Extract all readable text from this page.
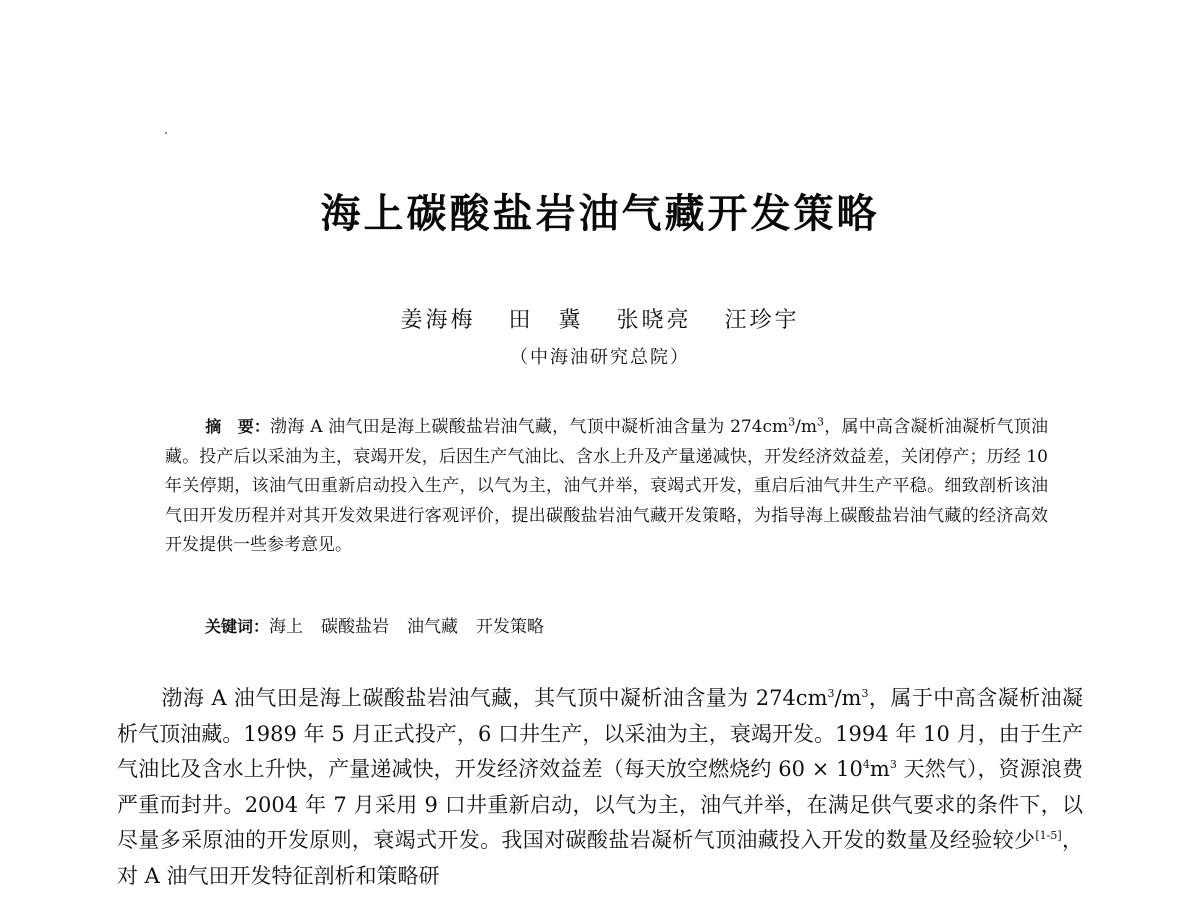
海上碳酸盐岩油气藏开发策略
姜海梅 田　冀 张晓亮 汪珍宇
（中海油研究总院）
摘　要：渤海 A 油气田是海上碳酸盐岩油气藏，气顶中凝析油含量为 $274cm^3/m^3$，属中高含凝析油凝析气顶油藏。投产后以采油为主，衰竭开发，后因生产气油比、含水上升及产量递减快，开发经济效益差，关闭停产；历经 10 年关停期，该油气田重新启动投入生产，以气为主，油气并举，衰竭式开发，重启后油气井生产平稳。细致剖析该油气田开发历程并对其开发效果进行客观评价，提出碳酸盐岩油气藏开发策略，为指导海上碳酸盐岩油气藏的经济高效开发提供一些参考意见。
关键词：海上 碳酸盐岩 油气藏 开发策略
渤海 A 油气田是海上碳酸盐岩油气藏，其气顶中凝析油含量为 $274cm^3/m^3$，属于中高含凝析油凝析气顶油藏。1989 年 5 月正式投产，6 口井生产，以采油为主，衰竭开发。1994 年 10 月，由于生产气油比及含水上升快，产量递减快，开发经济效益差（每天放空燃烧约 $60 \times 10^4m^3$ 天然气），资源浪费严重而封井。2004 年 7 月采用 9 口井重新启动，以气为主，油气并举，在满足供气要求的条件下，以尽量多采原油的开发原则，衰竭式开发。我国对碳酸盐岩凝析气顶油藏投入开发的数量及经验较少[1-5]，对 A 油气田开发特征剖析和策略研
